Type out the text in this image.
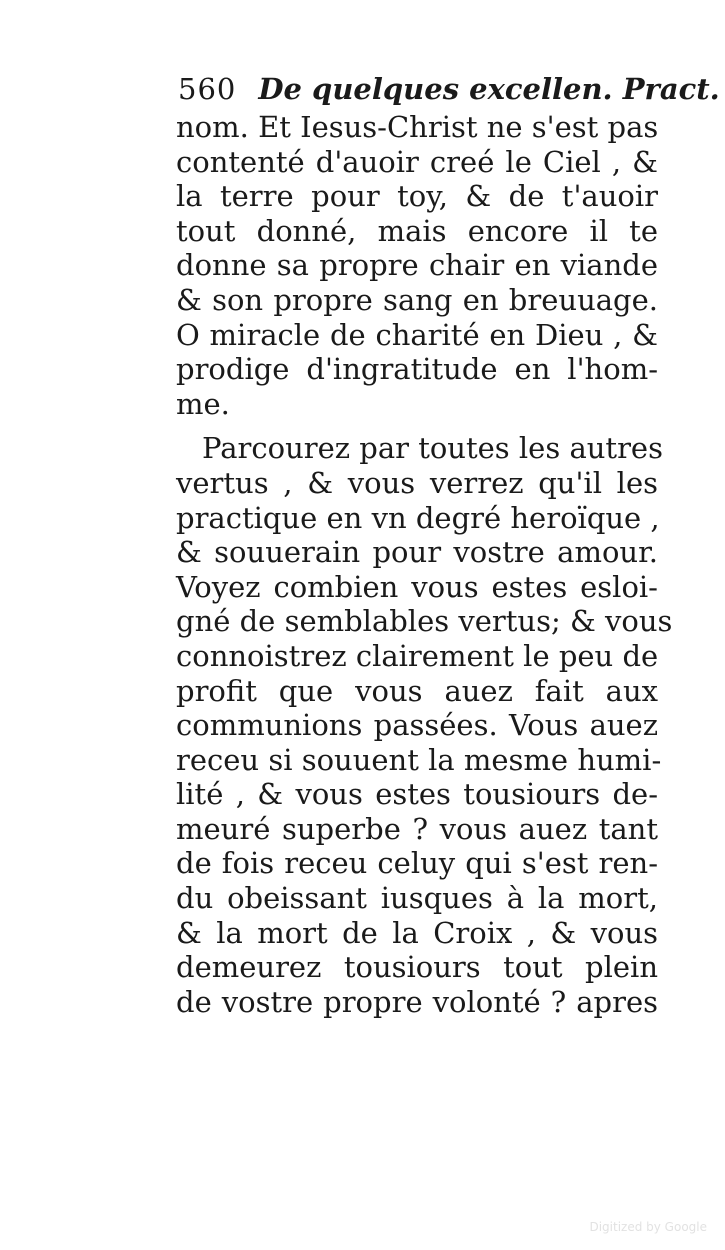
560 De quelques excellen. Pract.
nom. Et Iesus-Christ ne s'est pas
contenté d'auoir creé le Ciel , &
la terre pour toy, & de t'auoir
tout donné, mais encore il te
donne sa propre chair en viande
& son propre sang en breuuage.
O miracle de charité en Dieu , &
prodige d'ingratitude en l'hom-
me.
Parcourez par toutes les autres
vertus , & vous verrez qu'il les
practique en vn degré heroïque ,
& souuerain pour vostre amour.
Voyez combien vous estes esloi-
gné de semblables vertus; & vous
connoistrez clairement le peu de
profit que vous auez fait aux
communions passées. Vous auez
receu si souuent la mesme humi-
lité , & vous estes tousiours de-
meuré superbe ? vous auez tant
de fois receu celuy qui s'est ren-
du obeissant iusques à la mort,
& la mort de la Croix , & vous
demeurez tousiours tout plein
de vostre propre volonté ? apres
Digitized by Google
